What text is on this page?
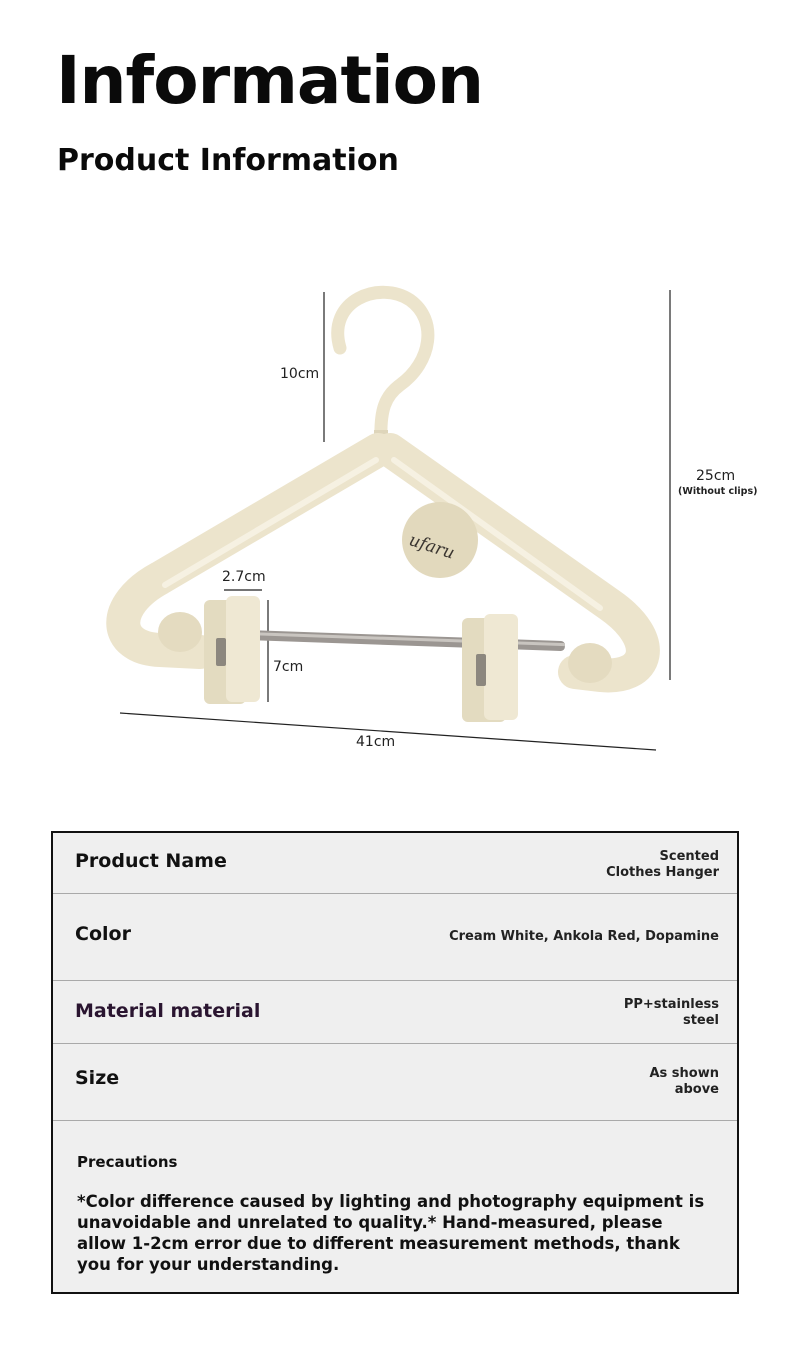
Information
Product Information
ufaru
10cm
25cm
(Without clips)
2.7cm
7cm
41cm
Product Name	Scented
Clothes Hanger
Color	Cream White, Ankola Red, Dopamine
Material material	PP+stainless
steel
Size	As shown
above
Precautions
*Color difference caused by lighting and photography equipment is unavoidable and unrelated to quality.* Hand-measured, please allow 1-2cm error due to different measurement methods, thank you for your understanding.
